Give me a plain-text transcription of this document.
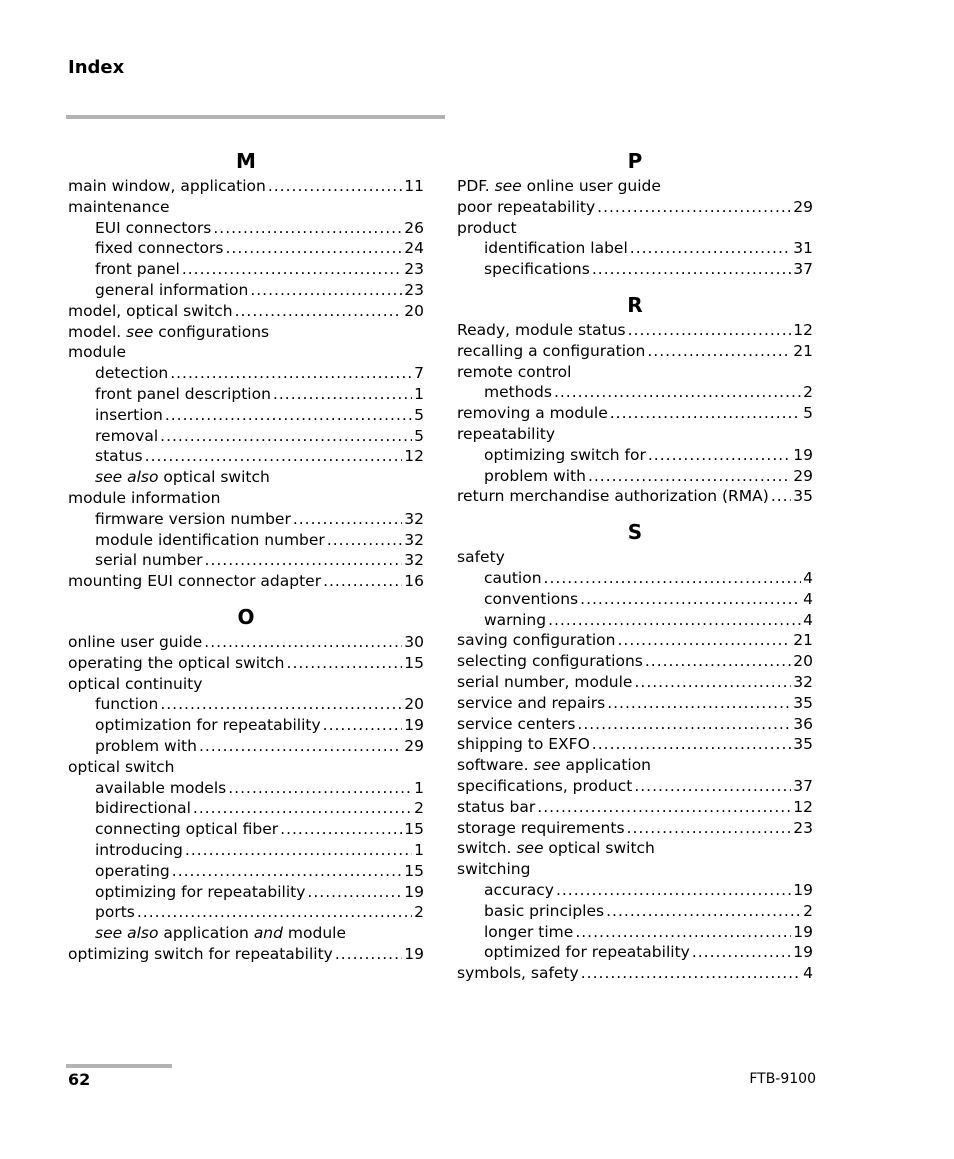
Index
M
main window, application .....	11
maintenance
EUI connectors .....	26
fixed connectors .....	24
front panel .....	23
general information .....	23
model, optical switch .....	20
model. see configurations
module
detection .....	7
front panel description .....	1
insertion .....	5
removal .....	5
status .....	12
see also optical switch
module information
firmware version number .....	32
module identification number .....	32
serial number .....	32
mounting EUI connector adapter .....	16
O
online user guide .....	30
operating the optical switch .....	15
optical continuity
function .....	20
optimization for repeatability .....	19
problem with .....	29
optical switch
available models .....	1
bidirectional .....	2
connecting optical fiber .....	15
introducing .....	1
operating .....	15
optimizing for repeatability .....	19
ports .....	2
see also application and module
optimizing switch for repeatability .....	19
P
PDF. see online user guide
poor repeatability .....	29
product
identification label .....	31
specifications .....	37
R
Ready, module status .....	12
recalling a configuration .....	21
remote control
methods .....	2
removing a module .....	5
repeatability
optimizing switch for .....	19
problem with .....	29
return merchandise authorization (RMA) ..... 35
S
safety
caution .....	4
conventions .....	4
warning .....	4
saving configuration .....	21
selecting configurations .....	20
serial number, module .....	32
service and repairs .....	35
service centers .....	36
shipping to EXFO .....	35
software. see application
specifications, product .....	37
status bar .....	12
storage requirements .....	23
switch. see optical switch
switching
accuracy .....	19
basic principles .....	2
longer time .....	19
optimized for repeatability .....	19
symbols, safety .....	4
62	FTB-9100
